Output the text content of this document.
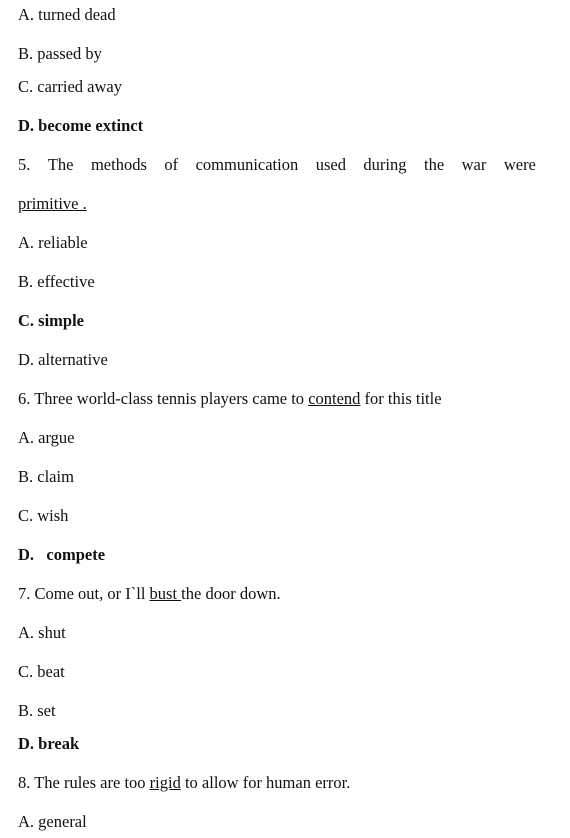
A. turned dead
B. passed by
C. carried away
D. become extinct
5. The methods of communication used during the war were
primitive .
A. reliable
B. effective
C. simple
D. alternative
6. Three world-class tennis players came to contend for this title
A. argue
B. claim
C. wish
D.   compete
7. Come out, or I`ll bust the door down.
A. shut
C. beat
B. set
D. break
8. The rules are too rigid to allow for human error.
A. general
